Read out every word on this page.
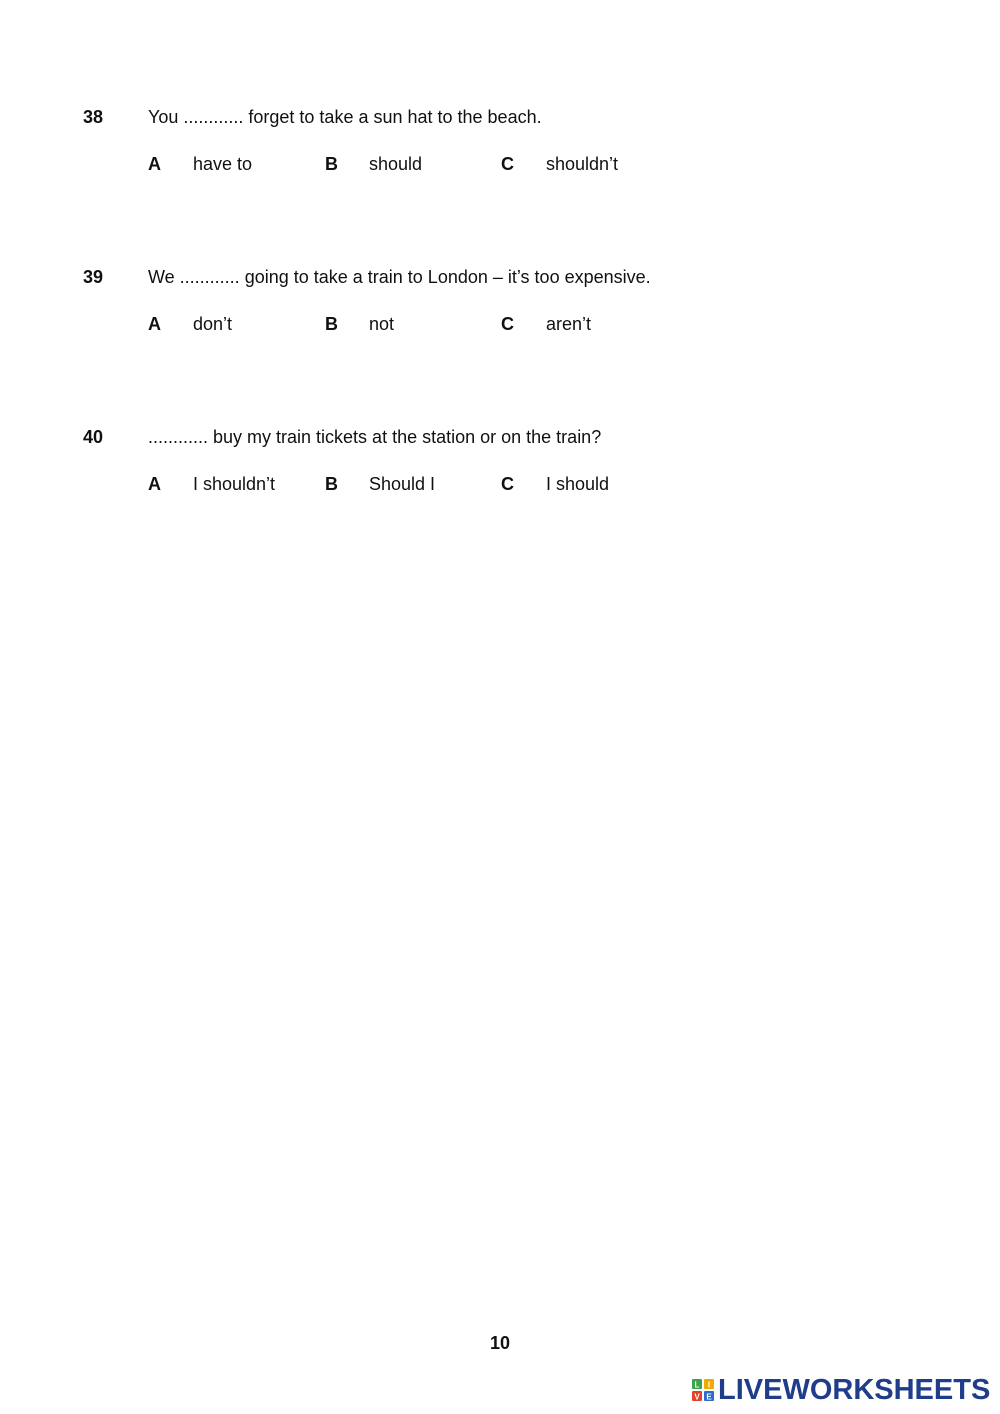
38 You ............ forget to take a sun hat to the beach.
A have to	B should	C shouldn’t
39 We ............ going to take a train to London – it’s too expensive.
A don’t	B not	C aren’t
40 ............ buy my train tickets at the station or on the train?
A I shouldn’t	B Should I	C I should
10
L I
V E LIVEWORKSHEETS
